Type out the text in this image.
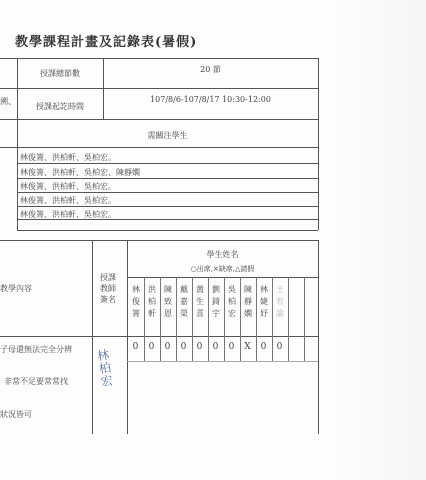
教學課程計畫及記錄表(暑假)
授課總節數	20 節
溯、
授課起訖時間
107/8/6-107/8/17 10:30-12:00
需關注學生
林俊箐、洪柏軒、吳柏宏。
林俊箐、洪柏軒、吳柏宏、陳靜嫻
林俊箐、洪柏軒、吳柏宏。
林俊箐、洪柏軒、吳柏宏。
林俊箐、洪柏軒、吳柏宏。
教學內容
授課教師簽名
學生姓名
○出席,×缺席,△請假
林
俊
箐
洪
柏
軒
陳
致
恩
戴
嘉
榮
黃
生
喜
劉
錡
宇
吳
柏
宏
陳
靜
嫻
林
婕
妤
王
宥
諭
0 0 0 0 0 0 0 X 0 0
子母還無法完全分辨
非常不足要常常找
狀況皆可
林
柏
宏
